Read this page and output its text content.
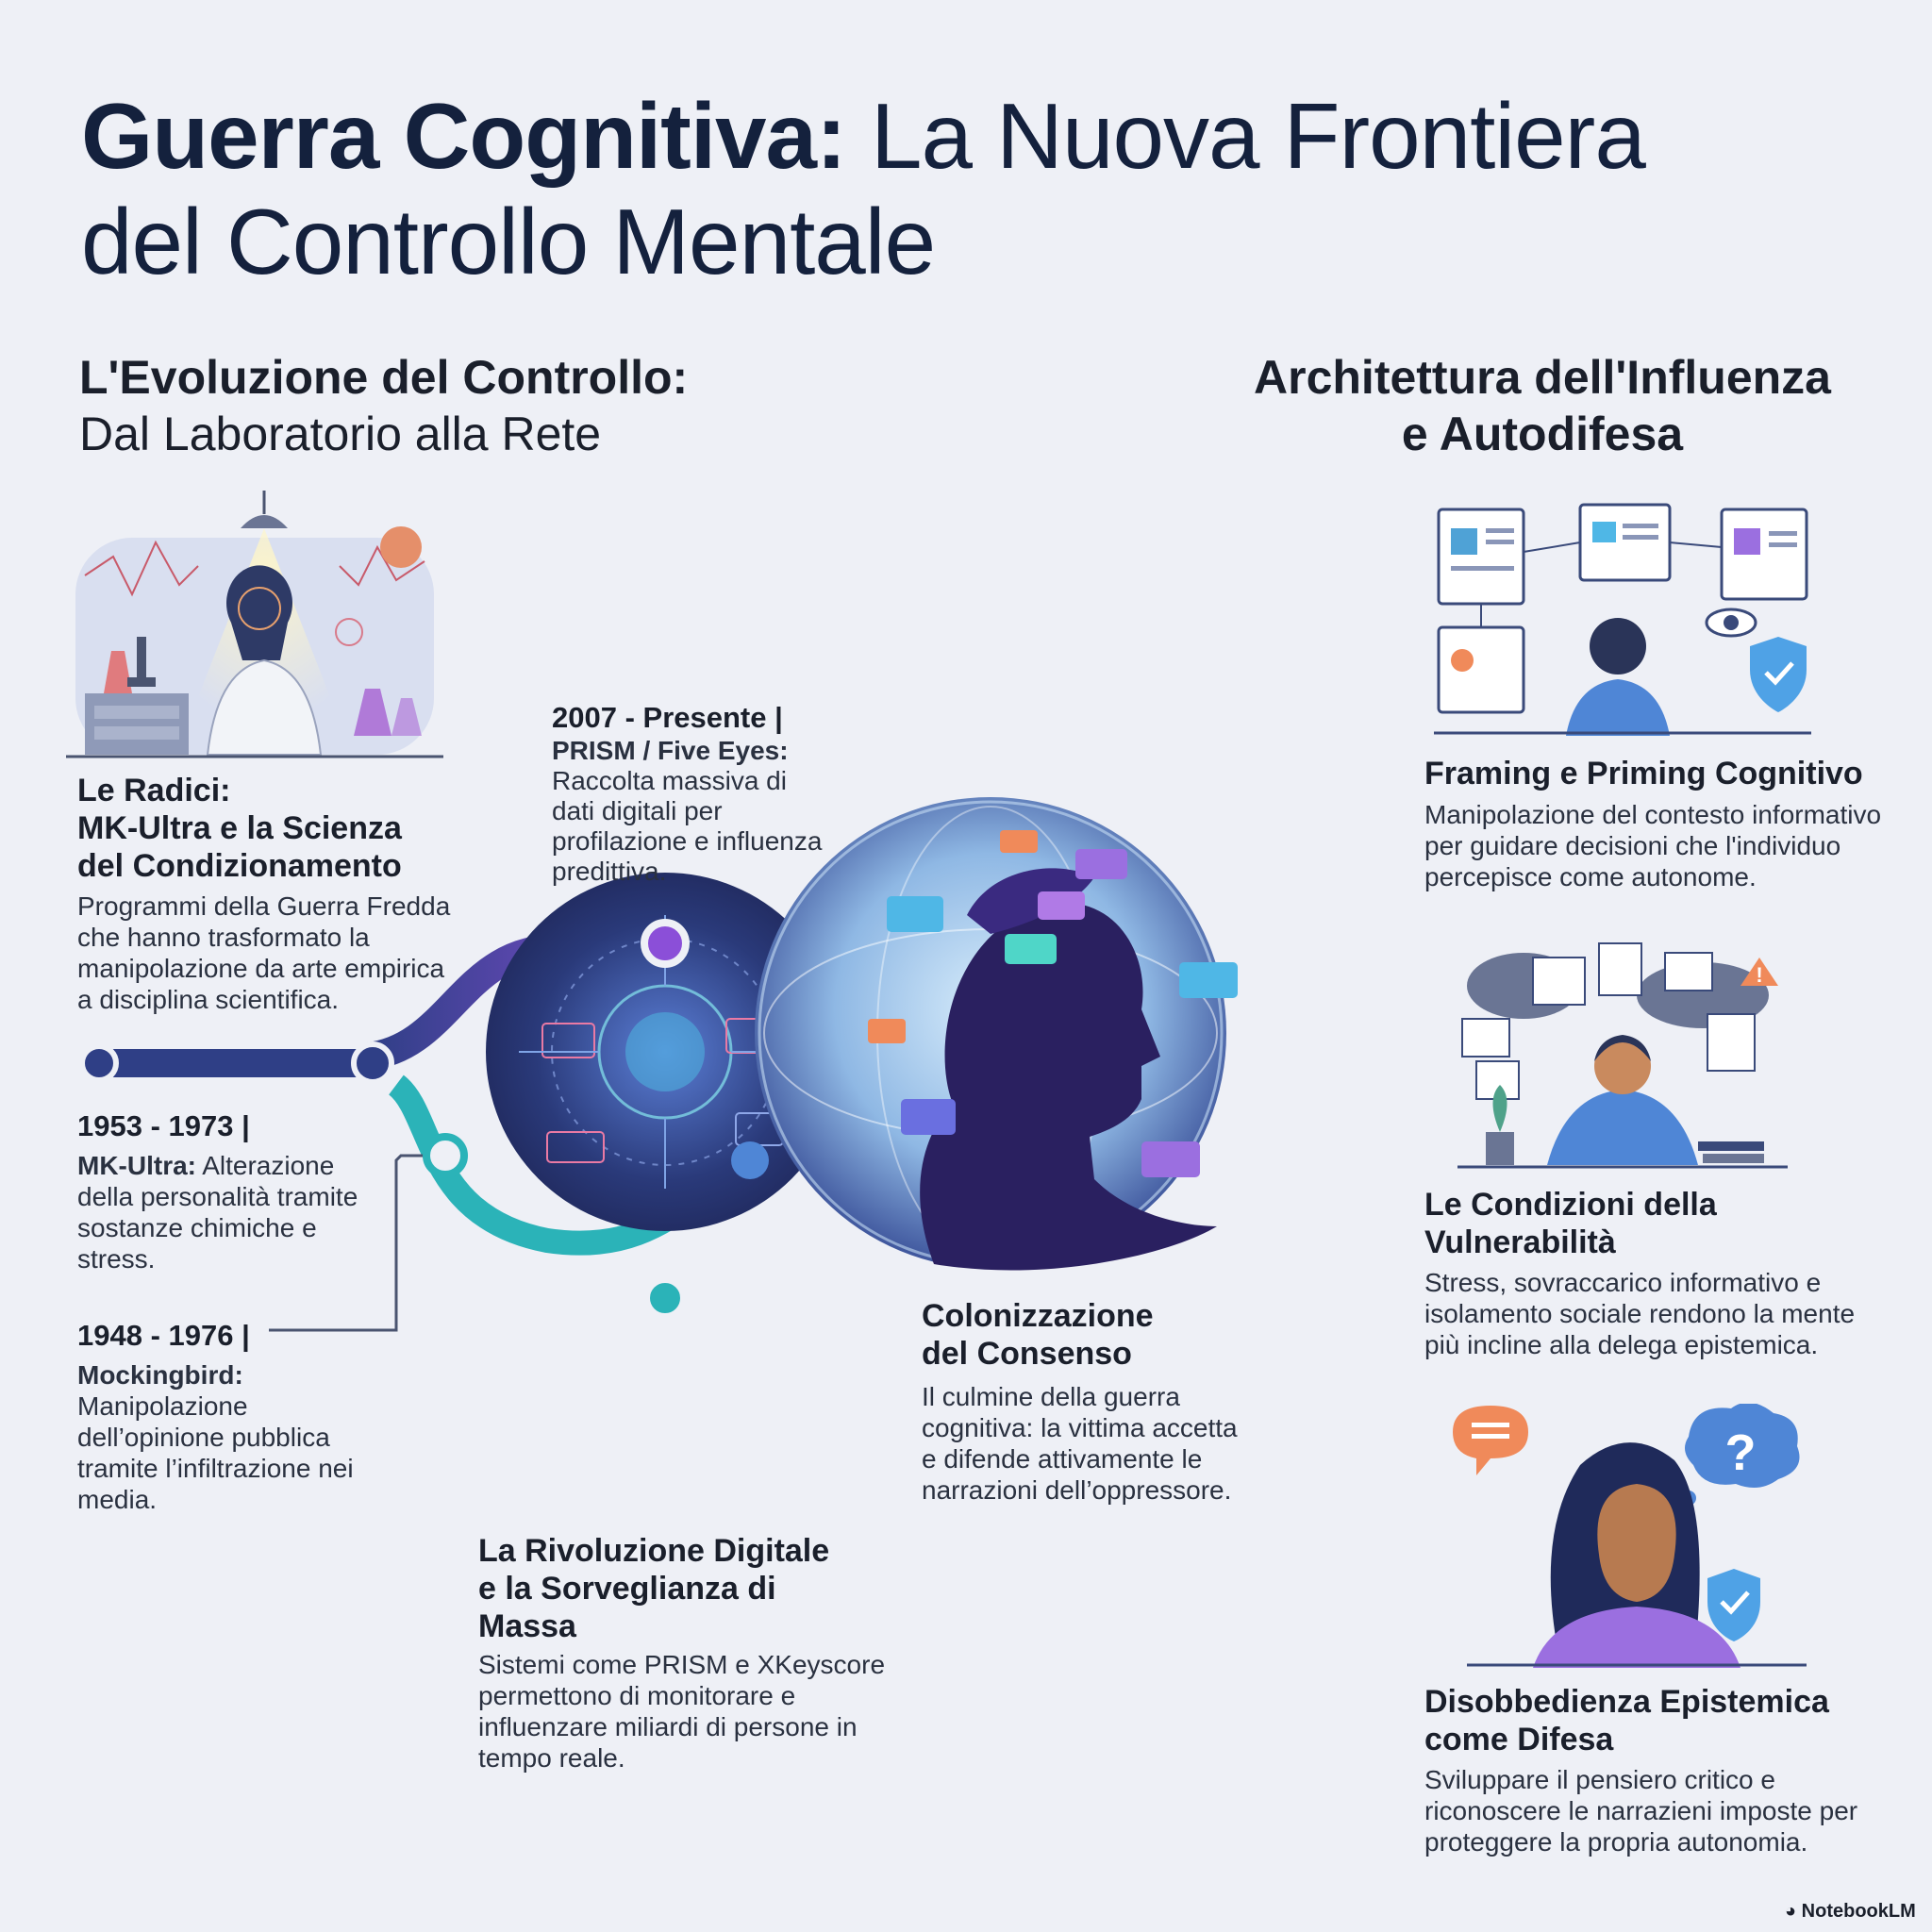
Guerra Cognitiva: La Nuova Frontiera
del Controllo Mentale
L'Evoluzione del Controllo:
Dal Laboratorio alla Rete
Architettura dell'Influenza
e Autodifesa
Le Radici:
MK-Ultra e la Scienza
del Condizionamento
Programmi della Guerra Fredda che hanno trasformato la manipolazione da arte empirica a disciplina scientifica.
2007 - Presente |
PRISM / Five Eyes:
Raccolta massiva di dati digitali per profilazione e influenza predittiva.
1953 - 1973 |
MK-Ultra: Alterazione della personalità tramite sostanze chimiche e stress.
1948 - 1976 |
Mockingbird:
Manipolazione dell’opinione pubblica tramite l’infiltrazione nei media.
Colonizzazione
del Consenso
Il culmine della guerra cognitiva: la vittima accetta e difende attivamente le narrazioni dell’oppressore.
La Rivoluzione Digitale e la Sorveglianza di Massa
Sistemi come PRISM e XKeyscore permettono di monitorare e influenzare miliardi di persone in tempo reale.
Framing e Priming Cognitivo
Manipolazione del contesto informativo per guidare decisioni che l'individuo percepisce come autonome.
!
Le Condizioni della Vulnerabilità
Stress, sovraccarico informativo e isolamento sociale rendono la mente più incline alla delega epistemica.
?
Disobbedienza Epistemica come Difesa
Sviluppare il pensiero critico e riconoscere le narrazieni imposte per proteggere la propria autonomia.
◕ NotebookLM
